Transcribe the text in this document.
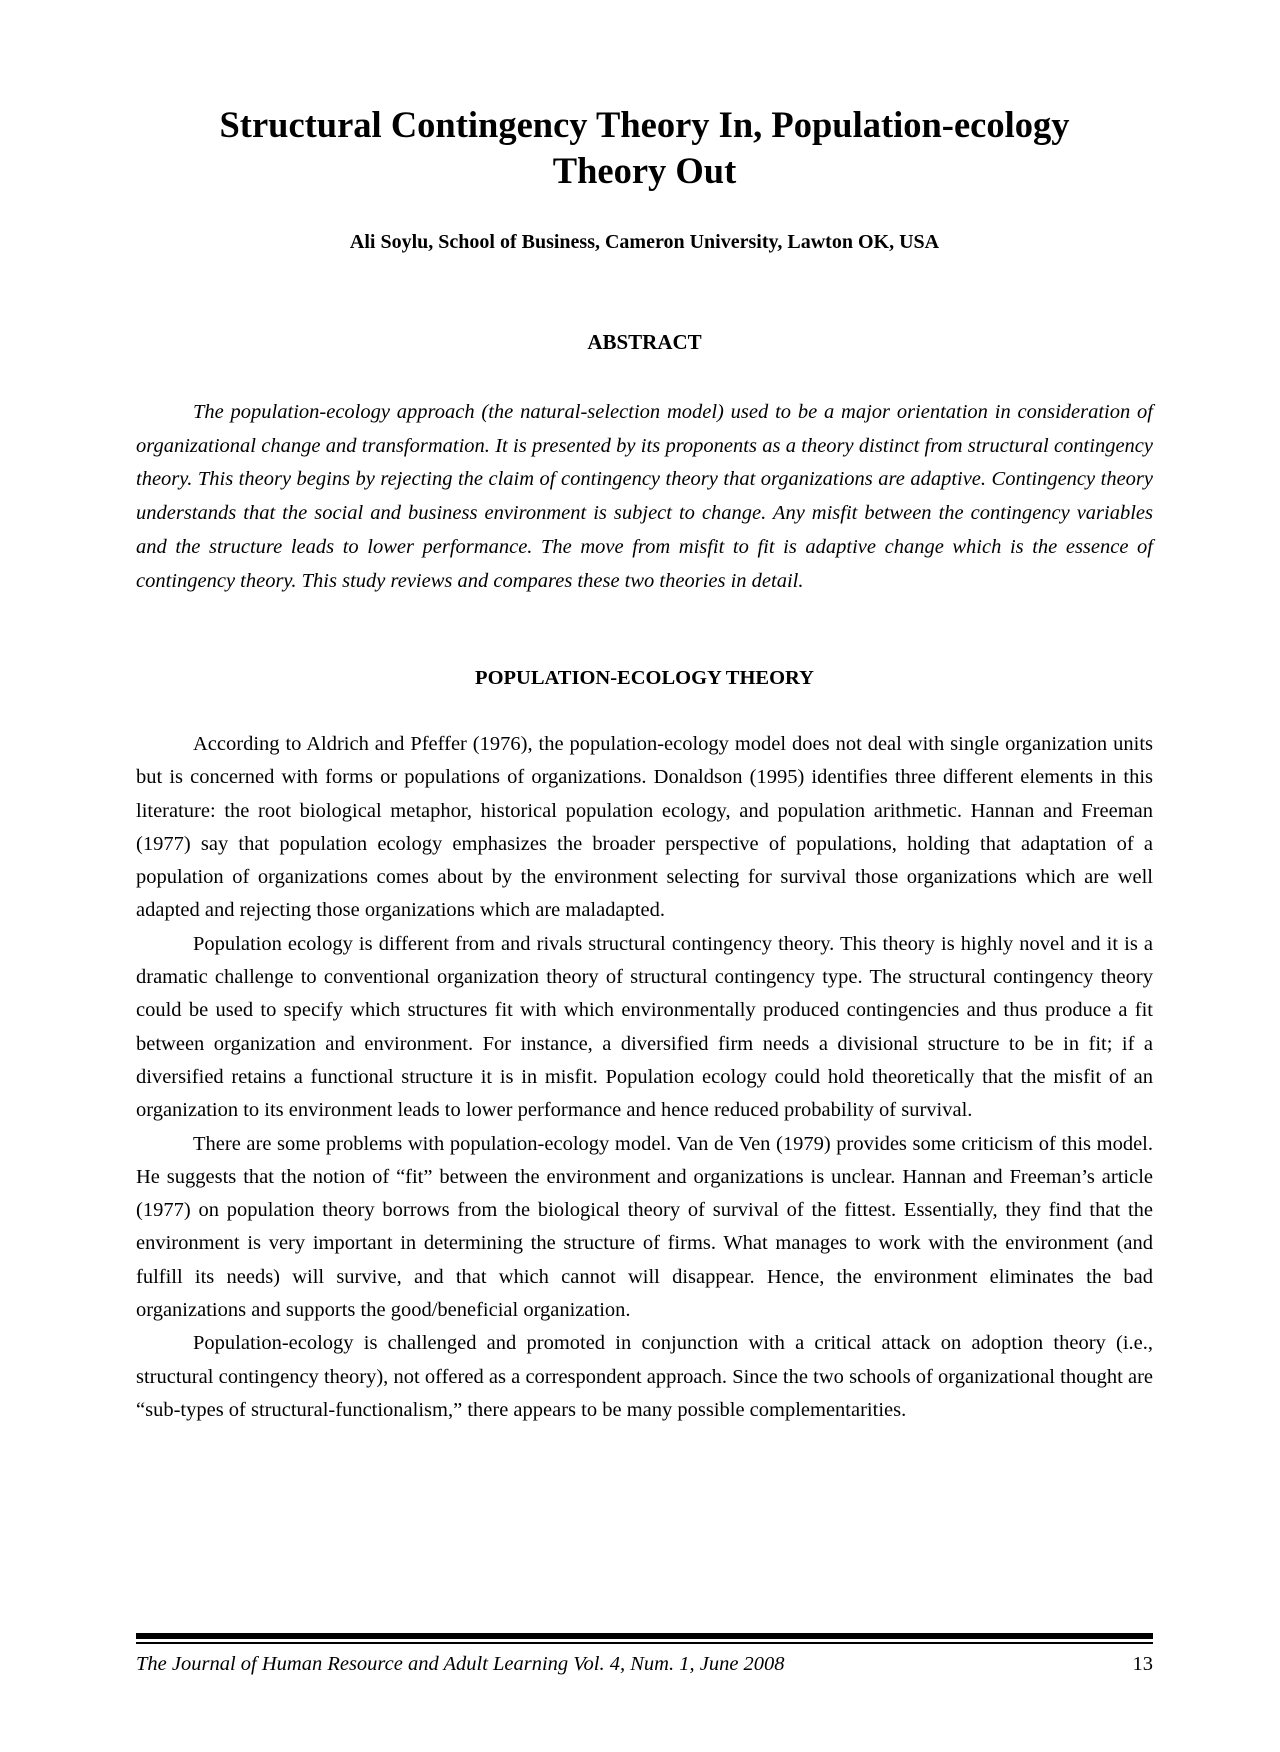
Structural Contingency Theory In, Population-ecology
Theory Out

Ali Soylu, School of Business, Cameron University, Lawton OK, USA

ABSTRACT

The population-ecology approach (the natural-selection model) used to be a major orientation in consideration of organizational change and transformation. It is presented by its proponents as a theory distinct from structural contingency theory. This theory begins by rejecting the claim of contingency theory that organizations are adaptive. Contingency theory understands that the social and business environment is subject to change. Any misfit between the contingency variables and the structure leads to lower performance. The move from misfit to fit is adaptive change which is the essence of contingency theory. This study reviews and compares these two theories in detail.

POPULATION-ECOLOGY THEORY

According to Aldrich and Pfeffer (1976), the population-ecology model does not deal with single organization units but is concerned with forms or populations of organizations. Donaldson (1995) identifies three different elements in this literature: the root biological metaphor, historical population ecology, and population arithmetic. Hannan and Freeman (1977) say that population ecology emphasizes the broader perspective of populations, holding that adaptation of a population of organizations comes about by the environment selecting for survival those organizations which are well adapted and rejecting those organizations which are maladapted.

Population ecology is different from and rivals structural contingency theory. This theory is highly novel and it is a dramatic challenge to conventional organization theory of structural contingency type. The structural contingency theory could be used to specify which structures fit with which environmentally produced contingencies and thus produce a fit between organization and environment. For instance, a diversified firm needs a divisional structure to be in fit; if a diversified retains a functional structure it is in misfit. Population ecology could hold theoretically that the misfit of an organization to its environment leads to lower performance and hence reduced probability of survival.

There are some problems with population-ecology model. Van de Ven (1979) provides some criticism of this model. He suggests that the notion of “fit” between the environment and organizations is unclear. Hannan and Freeman’s article (1977) on population theory borrows from the biological theory of survival of the fittest. Essentially, they find that the environment is very important in determining the structure of firms. What manages to work with the environment (and fulfill its needs) will survive, and that which cannot will disappear. Hence, the environment eliminates the bad organizations and supports the good/beneficial organization.

Population-ecology is challenged and promoted in conjunction with a critical attack on adoption theory (i.e., structural contingency theory), not offered as a correspondent approach. Since the two schools of organizational thought are “sub-types of structural-functionalism,” there appears to be many possible complementarities.

The Journal of Human Resource and Adult Learning Vol. 4, Num. 1, June 2008	13
